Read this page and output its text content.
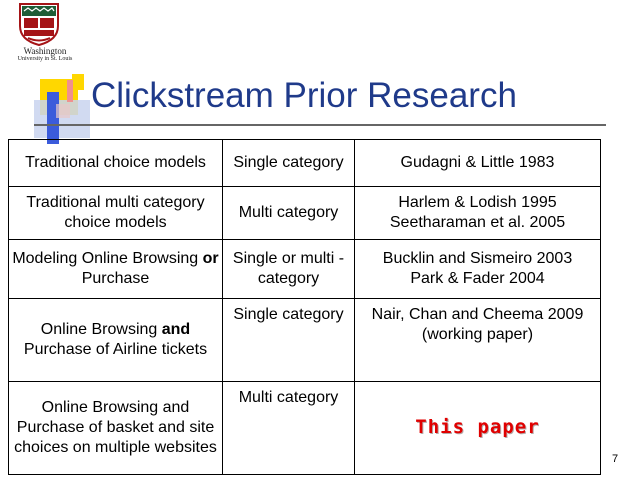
Washington
University in St. Louis
Clickstream Prior Research
Traditional choice models	Single category	Gudagni & Little 1983
Traditional multi category choice models	Multi category	Harlem & Lodish 1995
Seetharaman et al. 2005

Modeling Online Browsing or Purchase	Single or multi -category	Bucklin and Sismeiro 2003
Park & Fader 2004

Online Browsing and Purchase of Airline tickets	Single category	Nair, Chan and Cheema 2009
(working paper)

Online Browsing and Purchase of basket and site choices on multiple websites	Multi category	This paper
7
